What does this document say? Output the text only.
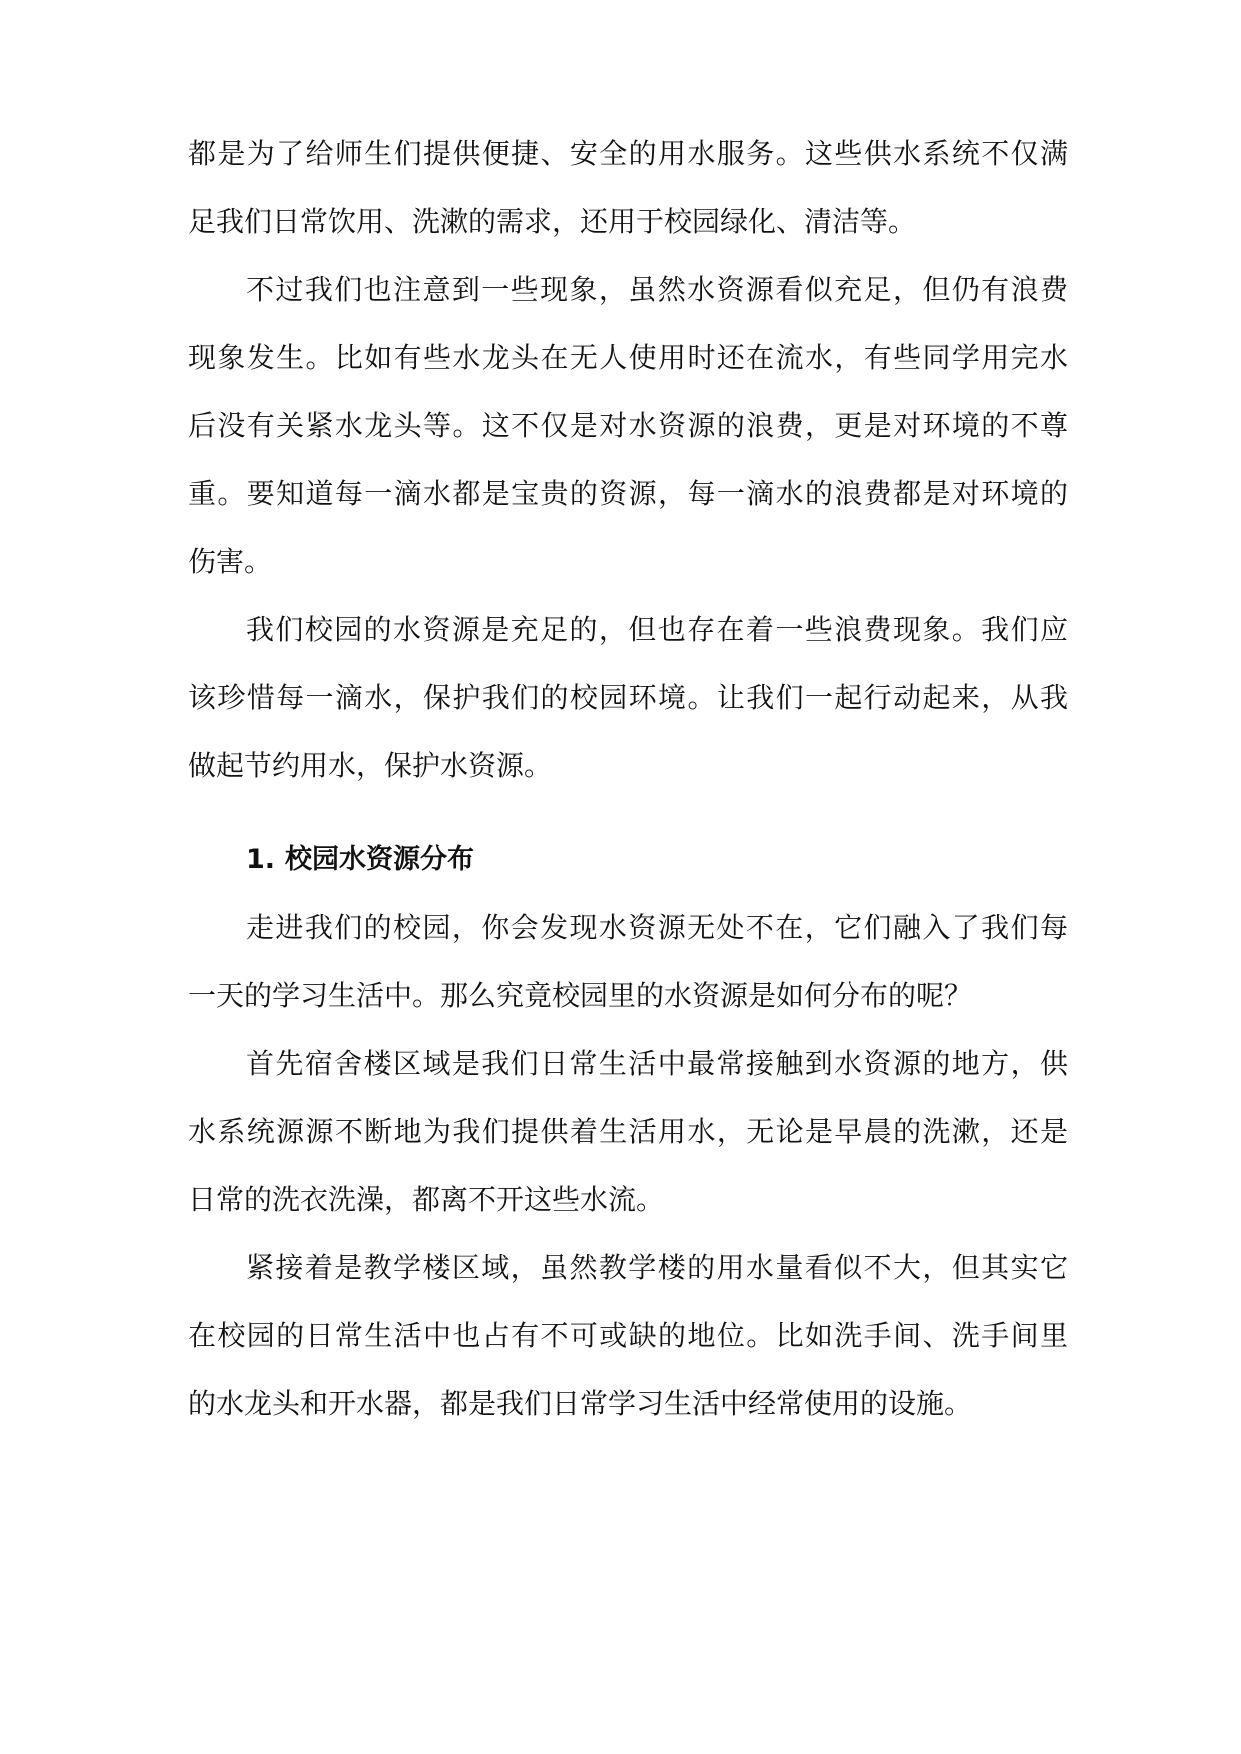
都是为了给师生们提供便捷、安全的用水服务。这些供水系统不仅满
足我们日常饮用、洗漱的需求，还用于校园绿化、清洁等。
不过我们也注意到一些现象，虽然水资源看似充足，但仍有浪费
现象发生。比如有些水龙头在无人使用时还在流水，有些同学用完水
后没有关紧水龙头等。这不仅是对水资源的浪费，更是对环境的不尊
重。要知道每一滴水都是宝贵的资源，每一滴水的浪费都是对环境的
伤害。
我们校园的水资源是充足的，但也存在着一些浪费现象。我们应
该珍惜每一滴水，保护我们的校园环境。让我们一起行动起来，从我
做起节约用水，保护水资源。
1. 校园水资源分布
走进我们的校园，你会发现水资源无处不在，它们融入了我们每
一天的学习生活中。那么究竟校园里的水资源是如何分布的呢？
首先宿舍楼区域是我们日常生活中最常接触到水资源的地方，供
水系统源源不断地为我们提供着生活用水，无论是早晨的洗漱，还是
日常的洗衣洗澡，都离不开这些水流。
紧接着是教学楼区域，虽然教学楼的用水量看似不大，但其实它
在校园的日常生活中也占有不可或缺的地位。比如洗手间、洗手间里
的水龙头和开水器，都是我们日常学习生活中经常使用的设施。
